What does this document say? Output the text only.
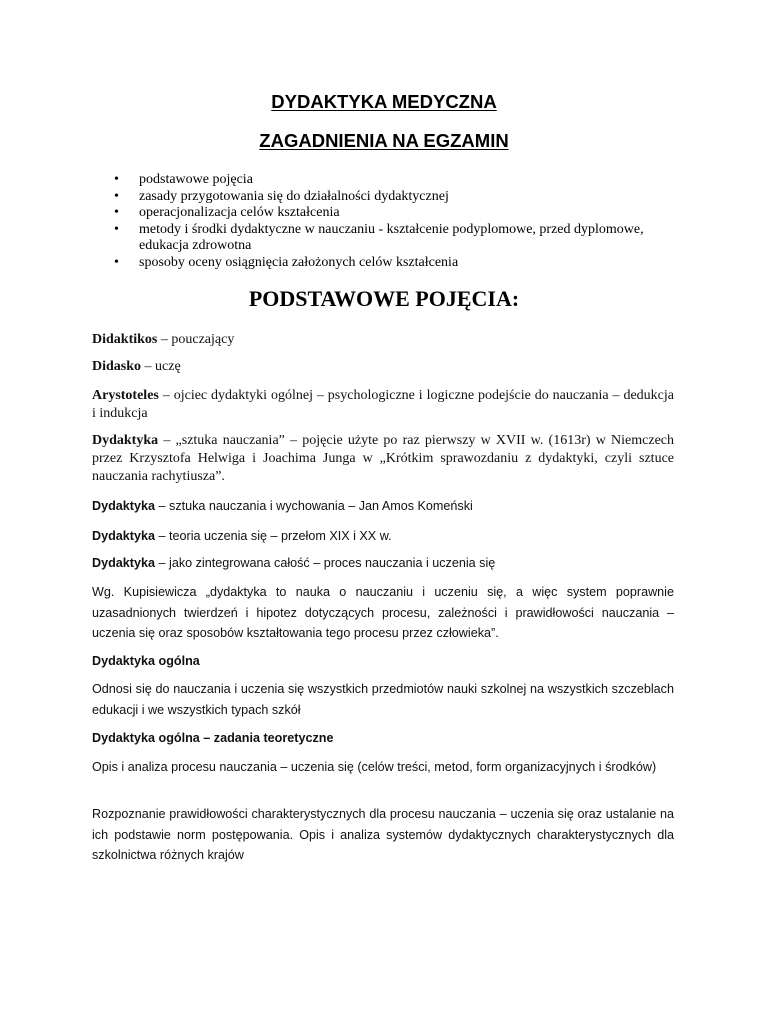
DYDAKTYKA MEDYCZNA
ZAGADNIENIA NA EGZAMIN
• podstawowe pojęcia
• zasady przygotowania się do działalności dydaktycznej
• operacjonalizacja celów kształcenia
• metody i środki dydaktyczne w nauczaniu - kształcenie podyplomowe, przed dyplomowe, edukacja zdrowotna
• sposoby oceny osiągnięcia założonych celów kształcenia
PODSTAWOWE POJĘCIA:

Didaktikos – pouczający

Didasko – uczę

Arystoteles – ojciec dydaktyki ogólnej – psychologiczne i logiczne podejście do nauczania – dedukcja i indukcja

Dydaktyka – „sztuka nauczania” – pojęcie użyte po raz pierwszy w XVII w. (1613r) w Niemczech przez Krzysztofa Helwiga i Joachima Junga w „Krótkim sprawozdaniu z dydaktyki, czyli sztuce nauczania rachytiusza”.

Dydaktyka – sztuka nauczania i wychowania – Jan Amos Komeński

Dydaktyka – teoria uczenia się – przełom XIX i XX w.

Dydaktyka – jako zintegrowana całość – proces nauczania i uczenia się

Wg. Kupisiewicza „dydaktyka to nauka o nauczaniu i uczeniu się, a więc system poprawnie uzasadnionych twierdzeń i hipotez dotyczących procesu, zależności i prawidłowości nauczania – uczenia się oraz sposobów kształtowania tego procesu przez człowieka”.

Dydaktyka ogólna

Odnosi się do nauczania i uczenia się wszystkich przedmiotów nauki szkolnej na wszystkich szczeblach edukacji i we wszystkich typach szkół

Dydaktyka ogólna – zadania teoretyczne

Opis i analiza procesu nauczania – uczenia się (celów treści, metod, form organizacyjnych i środków)

Rozpoznanie prawidłowości charakterystycznych dla procesu nauczania – uczenia się oraz ustalanie na ich podstawie norm postępowania. Opis i analiza systemów dydaktycznych charakterystycznych dla szkolnictwa różnych krajów
